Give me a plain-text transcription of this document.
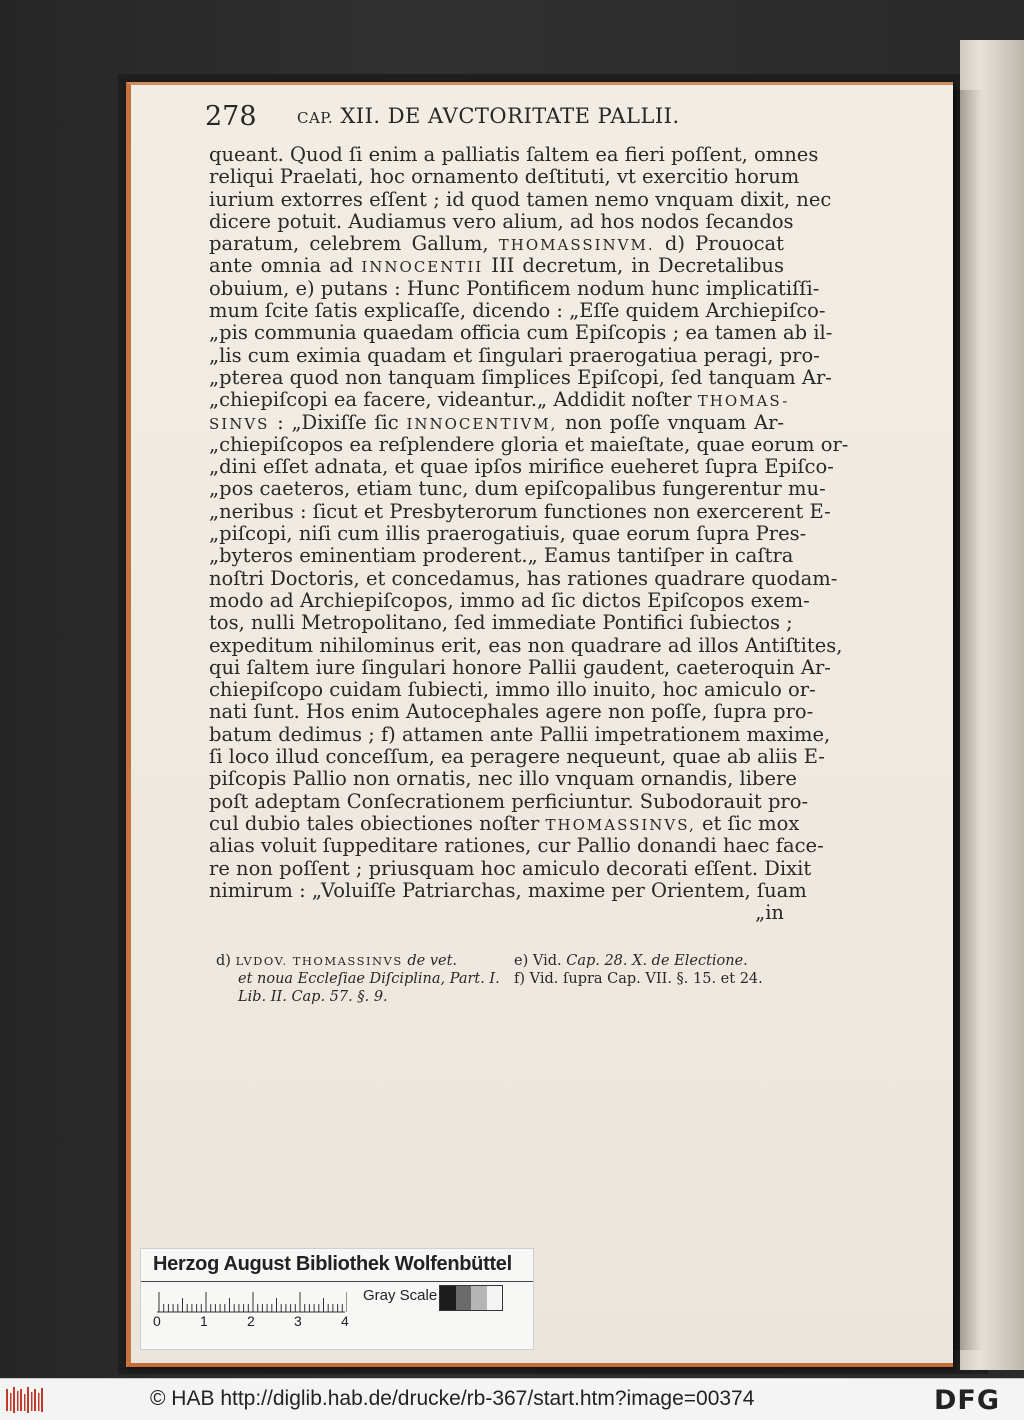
278	CAP. XII. DE AVCTORITATE PALLII.
queant. Quod ſi enim a palliatis ſaltem ea fieri poſſent, omnes
reliqui Praelati, hoc ornamento deſtituti, vt exercitio horum
iurium extorres eſſent ; id quod tamen nemo vnquam dixit, nec
dicere potuit. Audiamus vero alium, ad hos nodos ſecandos
paratum, celebrem Gallum, THOMASSINVM. d) Prouocat
ante omnia ad INNOCENTII III decretum, in Decretalibus
obuium, e) putans : Hunc Pontificem nodum hunc implicatiſſi-
mum ſcite ſatis explicaſſe, dicendo : „Eſſe quidem Archiepiſco-
„pis communia quaedam officia cum Epiſcopis ; ea tamen ab il-
„lis cum eximia quadam et ſingulari praerogatiua peragi, pro-
„pterea quod non tanquam ſimplices Epiſcopi, ſed tanquam Ar-
„chiepiſcopi ea facere, videantur.„ Addidit noſter THOMAS-
SINVS : „Dixiſſe ſic INNOCENTIVM, non poſſe vnquam Ar-
„chiepiſcopos ea reſplendere gloria et maieſtate, quae eorum or-
„dini eſſet adnata, et quae ipſos mirifice eueheret ſupra Epiſco-
„pos caeteros, etiam tunc, dum epiſcopalibus fungerentur mu-
„neribus : ſicut et Presbyterorum functiones non exercerent E-
„piſcopi, niſi cum illis praerogatiuis, quae eorum ſupra Pres-
„byteros eminentiam proderent.„ Eamus tantiſper in caſtra
noſtri Doctoris, et concedamus, has rationes quadrare quodam-
modo ad Archiepiſcopos, immo ad ſic dictos Epiſcopos exem-
tos, nulli Metropolitano, ſed immediate Pontifici ſubiectos ;
expeditum nihilominus erit, eas non quadrare ad illos Antiſtites,
qui ſaltem iure ſingulari honore Pallii gaudent, caeteroquin Ar-
chiepiſcopo cuidam ſubiecti, immo illo inuito, hoc amiculo or-
nati ſunt. Hos enim Autocephales agere non poſſe, ſupra pro-
batum dedimus ; f) attamen ante Pallii impetrationem maxime,
ſi loco illud conceſſum, ea peragere nequeunt, quae ab aliis E-
piſcopis Pallio non ornatis, nec illo vnquam ornandis, libere
poſt adeptam Conſecrationem perficiuntur. Subodorauit pro-
cul dubio tales obiectiones noſter THOMASSINVS, et ſic mox
alias voluit ſuppeditare rationes, cur Pallio donandi haec face-
re non poſſent ; priusquam hoc amiculo decorati eſſent. Dixit
nimirum : „Voluiſſe Patriarchas, maxime per Orientem, ſuam
„in
d) LVDOV. THOMASSINVS de vet.
et noua Eccleſiae Diſciplina, Part. I.
Lib. II. Cap. 57. §. 9.
e) Vid. Cap. 28. X. de Electione.
f) Vid. ſupra Cap. VII. §. 15. et 24.
Herzog August Bibliothek Wolfenbüttel
0	1	2	3	4
Gray Scale
© HAB http://diglib.hab.de/drucke/rb-367/start.htm?image=00374	DFG
